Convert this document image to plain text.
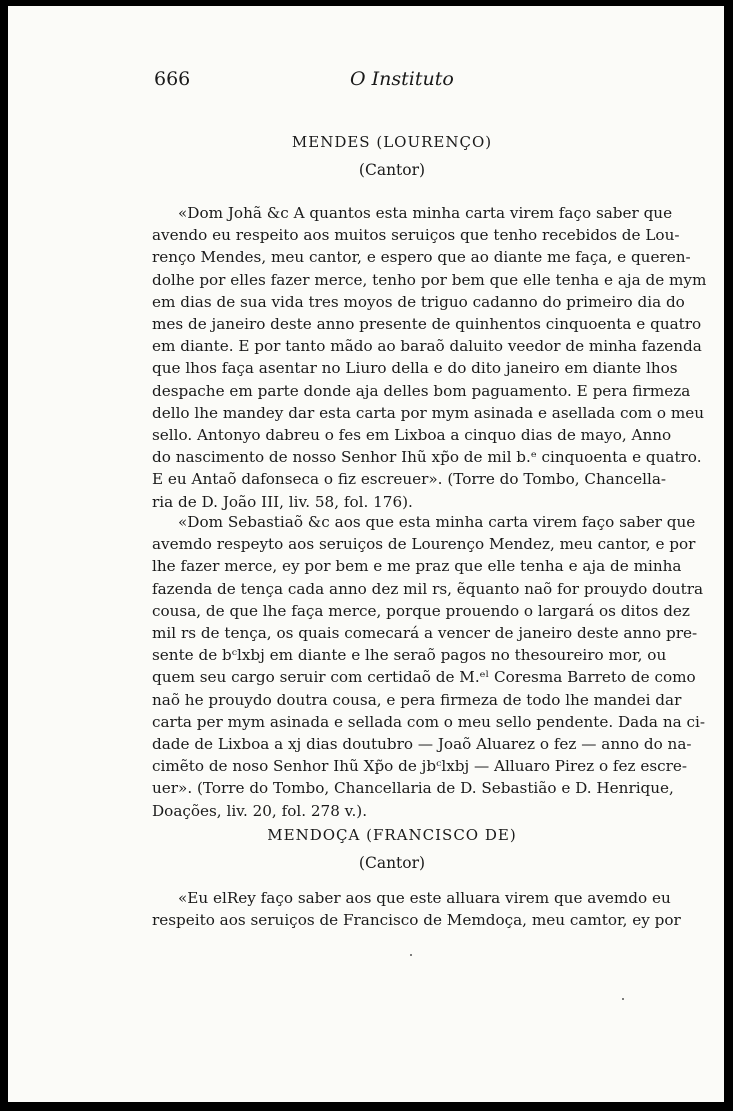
666	O Instituto
MENDES (LOURENÇO)
(Cantor)

«Dom Johã &c A quantos esta minha carta virem faço saber que
avendo eu respeito aos muitos seruiços que tenho recebidos de Lou-
renço Mendes, meu cantor, e espero que ao diante me faça, e queren-
dolhe por elles fazer merce, tenho por bem que elle tenha e aja de mym
em dias de sua vida tres moyos de triguo cadanno do primeiro dia do
mes de janeiro deste anno presente de quinhentos cinquoenta e quatro
em diante. E por tanto mãdo ao baraõ daluito veedor de minha fazenda
que lhos faça asentar no Liuro della e do dito janeiro em diante lhos
despache em parte donde aja delles bom paguamento. E pera firmeza
dello lhe mandey dar esta carta por mym asinada e asellada com o meu
sello. Antonyo dabreu o fes em Lixboa a cinquo dias de mayo, Anno
do nascimento de nosso Senhor Ihũ xp̃o de mil b.ᵉ cinquoenta e quatro.
E eu Antaõ dafonseca o fiz escreuer». (Torre do Tombo, Chancella-
ria de D. João III, liv. 58, fol. 176).

«Dom Sebastiaõ &c aos que esta minha carta virem faço saber que
avemdo respeyto aos seruiços de Lourenço Mendez, meu cantor, e por
lhe fazer merce, ey por bem e me praz que elle tenha e aja de minha
fazenda de tença cada anno dez mil rs, ẽquanto naõ for prouydo doutra
cousa, de que lhe faça merce, porque prouendo o largará os ditos dez
mil rs de tença, os quais comecará a vencer de janeiro deste anno pre-
sente de bᶜlxbj em diante e lhe seraõ pagos no thesoureiro mor, ou
quem seu cargo seruir com certidaõ de M.ᵉˡ Coresma Barreto de como
naõ he prouydo doutra cousa, e pera firmeza de todo lhe mandei dar
carta per mym asinada e sellada com o meu sello pendente. Dada na ci-
dade de Lixboa a xj dias doutubro — Joaõ Aluarez o fez — anno do na-
cimẽto de noso Senhor Ihũ Xp̃o de jbᶜlxbj — Alluaro Pirez o fez escre-
uer». (Torre do Tombo, Chancellaria de D. Sebastião e D. Henrique,
Doações, liv. 20, fol. 278 v.).

MENDOÇA (FRANCISCO DE)
(Cantor)

«Eu elRey faço saber aos que este alluara virem que avemdo eu
respeito aos seruiços de Francisco de Memdoça, meu camtor, ey por
